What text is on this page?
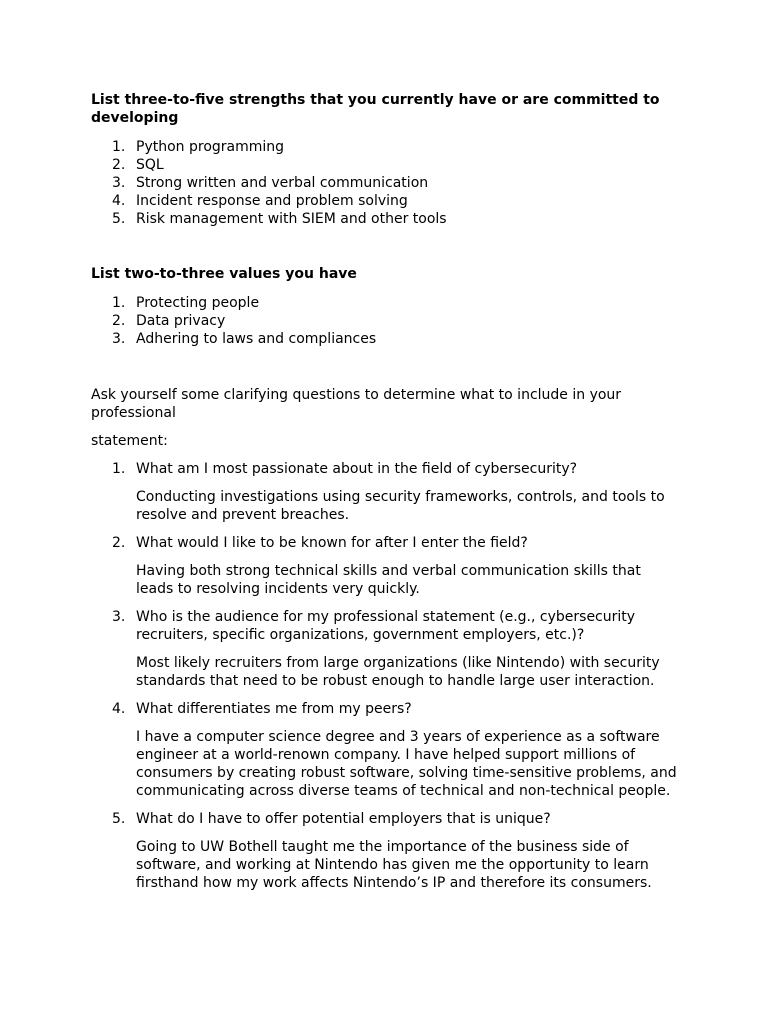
List three-to-five strengths that you currently have or are committed to developing

1. Python programming
2. SQL
3. Strong written and verbal communication
4. Incident response and problem solving
5. Risk management with SIEM and other tools

List two-to-three values you have

1. Protecting people
2. Data privacy
3. Adhering to laws and compliances

Ask yourself some clarifying questions to determine what to include in your professional

statement:

1. What am I most passionate about in the field of cybersecurity?
Conducting investigations using security frameworks, controls, and tools to resolve and prevent breaches.
2. What would I like to be known for after I enter the field?
Having both strong technical skills and verbal communication skills that leads to resolving incidents very quickly.
3. Who is the audience for my professional statement (e.g., cybersecurity recruiters, specific organizations, government employers, etc.)?
Most likely recruiters from large organizations (like Nintendo) with security standards that need to be robust enough to handle large user interaction.
4. What differentiates me from my peers?
I have a computer science degree and 3 years of experience as a software engineer at a world-renown company. I have helped support millions of consumers by creating robust software, solving time-sensitive problems, and communicating across diverse teams of technical and non-technical people.
5. What do I have to offer potential employers that is unique?
Going to UW Bothell taught me the importance of the business side of software, and working at Nintendo has given me the opportunity to learn firsthand how my work affects Nintendo’s IP and therefore its consumers.
